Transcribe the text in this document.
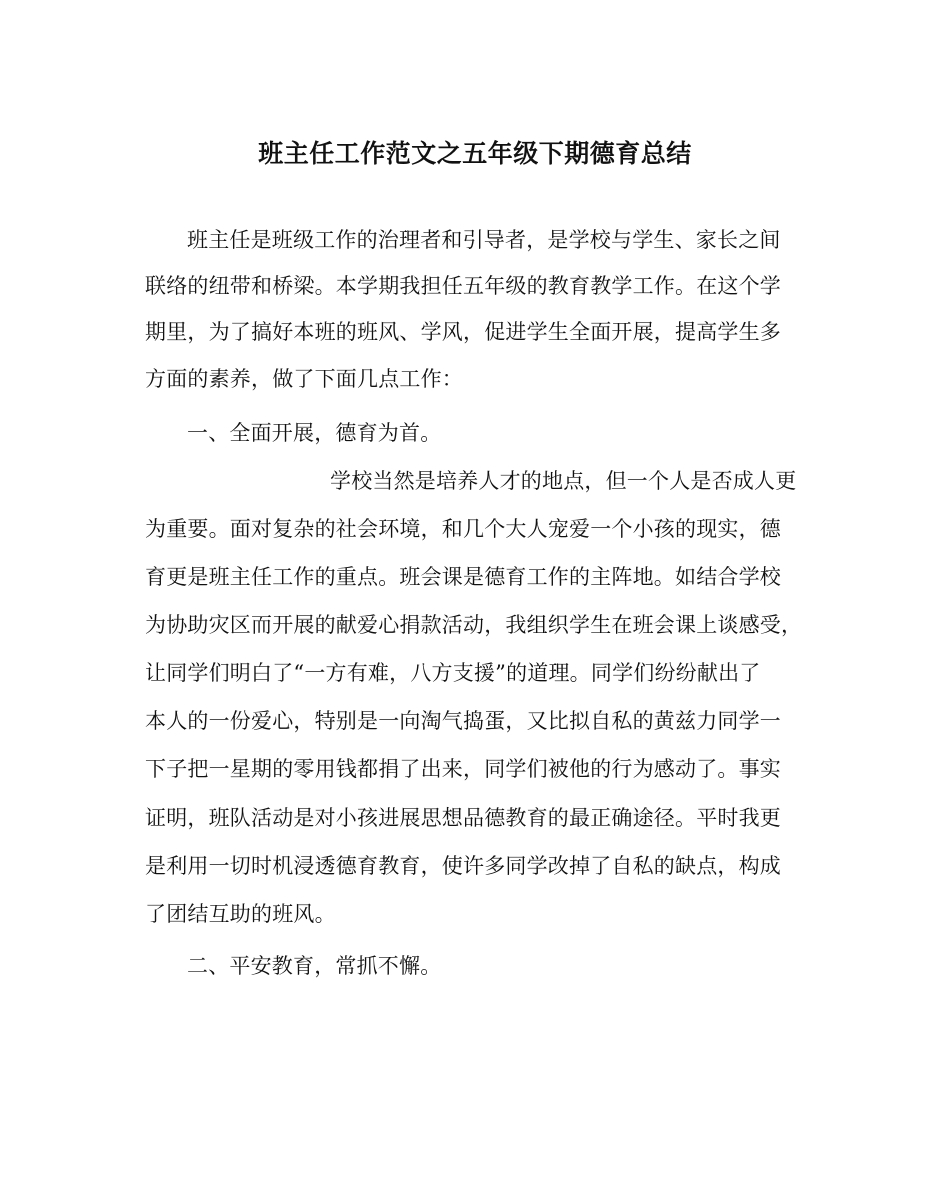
班主任工作范文之五年级下期德育总结
班主任是班级工作的治理者和引导者，是学校与学生、家长之间
联络的纽带和桥梁。本学期我担任五年级的教育教学工作。在这个学
期里，为了搞好本班的班风、学风，促进学生全面开展，提高学生多
方面的素养，做了下面几点工作：
一、全面开展，德育为首。
学校当然是培养人才的地点，但一个人是否成人更
为重要。面对复杂的社会环境，和几个大人宠爱一个小孩的现实，德
育更是班主任工作的重点。班会课是德育工作的主阵地。如结合学校
为协助灾区而开展的献爱心捐款活动，我组织学生在班会课上谈感受，
让同学们明白了“一方有难，八方支援”的道理。同学们纷纷献出了
本人的一份爱心，特别是一向淘气捣蛋，又比拟自私的黄兹力同学一
下子把一星期的零用钱都捐了出来，同学们被他的行为感动了。事实
证明，班队活动是对小孩进展思想品德教育的最正确途径。平时我更
是利用一切时机浸透德育教育，使许多同学改掉了自私的缺点，构成
了团结互助的班风。
二、平安教育，常抓不懈。
